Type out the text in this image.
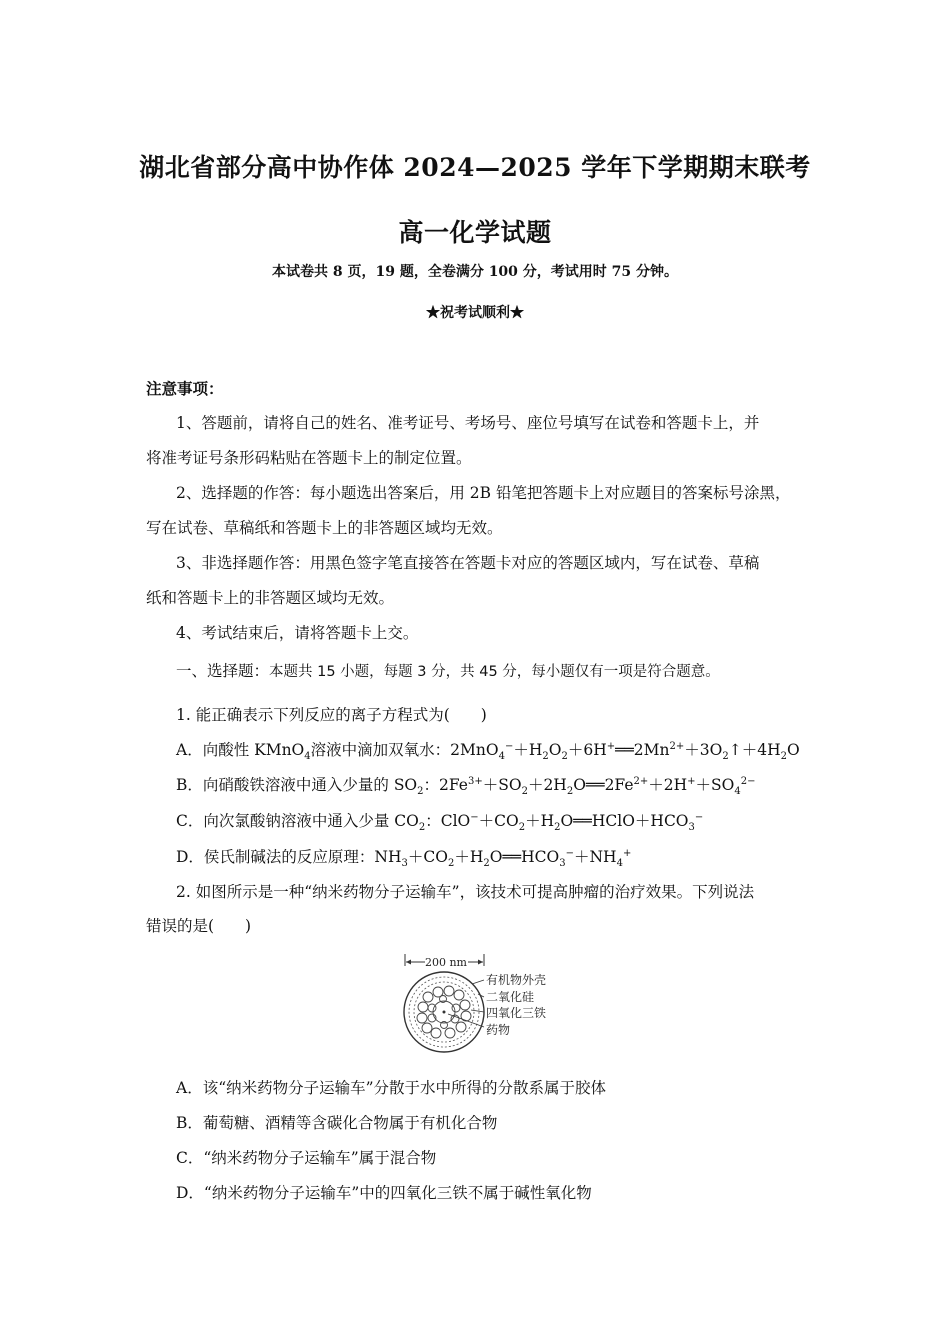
湖北省部分高中协作体 2024—2025 学年下学期期末联考
高一化学试题
本试卷共 8 页，19 题，全卷满分 100 分，考试用时 75 分钟。
★祝考试顺利★
注意事项：
1、答题前，请将自己的姓名、准考证号、考场号、座位号填写在试卷和答题卡上，并
将准考证号条形码粘贴在答题卡上的制定位置。
2、选择题的作答：每小题选出答案后，用 2B 铅笔把答题卡上对应题目的答案标号涂黑，
写在试卷、草稿纸和答题卡上的非答题区域均无效。
3、非选择题作答：用黑色签字笔直接答在答题卡对应的答题区域内，写在试卷、草稿
纸和答题卡上的非答题区域均无效。
4、考试结束后，请将答题卡上交。
一、选择题：本题共 15 小题，每题 3 分，共 45 分，每小题仅有一项是符合题意。
1. 能正确表示下列反应的离子方程式为(　　)
A．向酸性 KMnO$_4$溶液中滴加双氧水：$2MnO_4^-+H_2O_2+6H^+══2Mn^{2+}+3O_2↑+4H_2O$
B．向硝酸铁溶液中通入少量的 $SO_2$：$2Fe^{3+}+SO_2+2H_2O══2Fe^{2+}+2H^++SO_4^{2-}$
C．向次氯酸钠溶液中通入少量 $CO_2$：$ClO^-+CO_2+H_2O══HClO+HCO_3^-$
D．侯氏制碱法的反应原理：$NH_3+CO_2+H_2O══HCO_3^-+NH_4^+$
2. 如图所示是一种“纳米药物分子运输车”，该技术可提高肿瘤的治疗效果。下列说法
错误的是(　　)
200 nm
有机物外壳
二氧化硅
四氧化三铁
药物
A．该“纳米药物分子运输车”分散于水中所得的分散系属于胶体
B．葡萄糖、酒精等含碳化合物属于有机化合物
C．“纳米药物分子运输车”属于混合物
D．“纳米药物分子运输车”中的四氧化三铁不属于碱性氧化物
